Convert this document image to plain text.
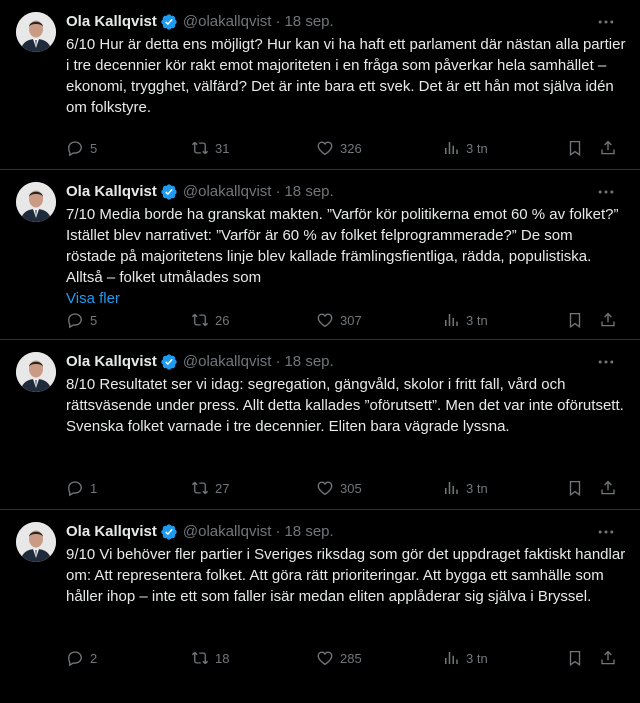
Ola Kallqvist @olakallqvist · 18 sep.
6/10 Hur är detta ens möjligt? Hur kan vi ha haft ett parlament där nästan alla partier i tre decennier kör rakt emot majoriteten i en fråga som påverkar hela samhället – ekonomi, trygghet, välfärd? Det är inte bara ett svek. Det är ett hån mot själva idén om folkstyre.
5	31	326	3 tn
Ola Kallqvist @olakallqvist · 18 sep.
7/10 Media borde ha granskat makten. ”Varför kör politikerna emot 60 % av folket?” Istället blev narrativet: ”Varför är 60 % av folket felprogrammerade?” De som röstade på majoritetens linje blev kallade främlingsfientliga, rädda, populistiska. Alltså – folket utmålades som
Visa fler
5	26	307	3 tn
Ola Kallqvist @olakallqvist · 18 sep.
8/10 Resultatet ser vi idag: segregation, gängvåld, skolor i fritt fall, vård och rättsväsende under press. Allt detta kallades ”oförutsett”. Men det var inte oförutsett. Svenska folket varnade i tre decennier. Eliten bara vägrade lyssna.
1	27	305	3 tn
Ola Kallqvist @olakallqvist · 18 sep.
9/10 Vi behöver fler partier i Sveriges riksdag som gör det uppdraget faktiskt handlar om: Att representera folket. Att göra rätt prioriteringar. Att bygga ett samhälle som håller ihop – inte ett som faller isär medan eliten applåderar sig själva i Bryssel.
2	18	285	3 tn
